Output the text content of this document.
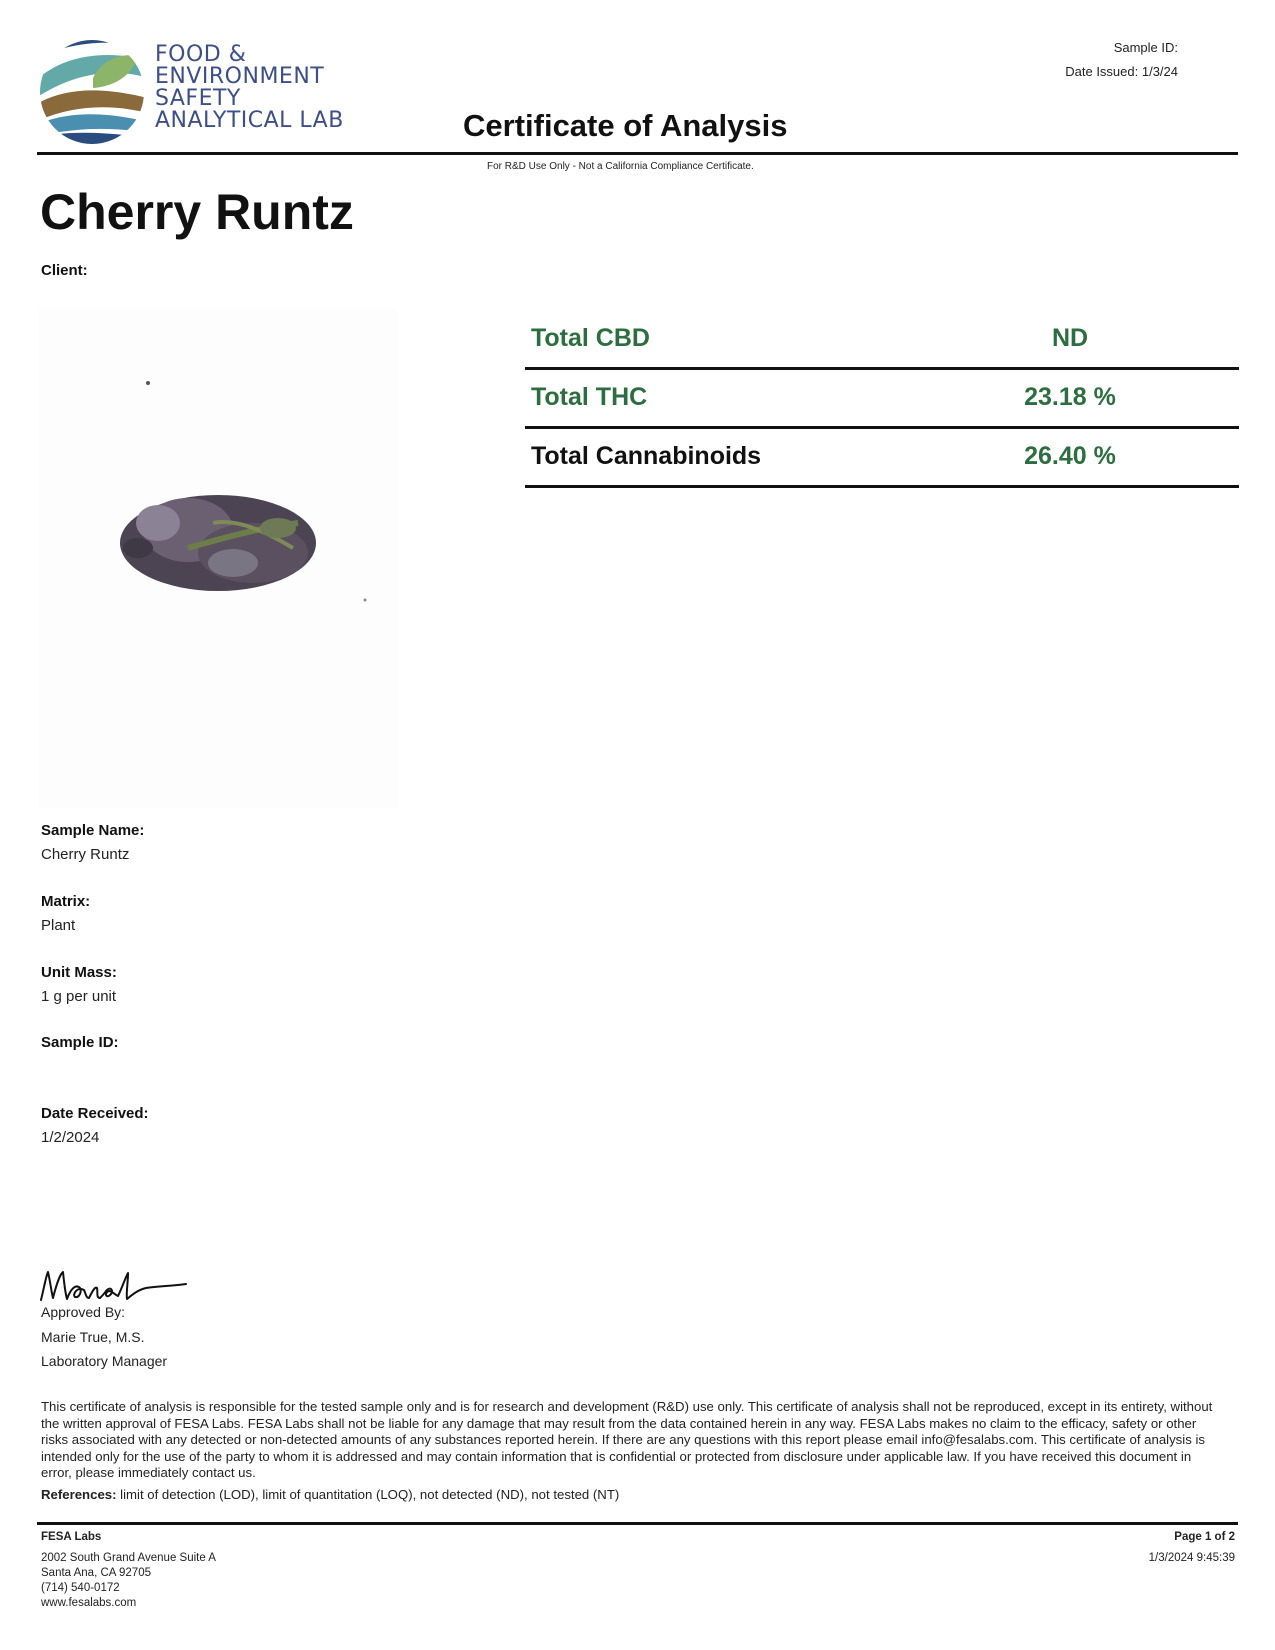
FOOD &
ENVIRONMENT
SAFETY
ANALYTICAL LAB
Sample ID:
Date Issued: 1/3/24
Certificate of Analysis
For R&D Use Only - Not a California Compliance Certificate.
Cherry Runtz
Client:
Total CBD	ND
Total THC	23.18 %
Total Cannabinoids	26.40 %
Sample Name:
Cherry Runtz
Matrix:
Plant
Unit Mass:
1 g per unit
Sample ID:
Date Received:
1/2/2024
Approved By:
Marie True, M.S.
Laboratory Manager
This certificate of analysis is responsible for the tested sample only and is for research and development (R&D) use only. This certificate of analysis shall not be reproduced, except in its entirety, without the written approval of FESA Labs. FESA Labs shall not be liable for any damage that may result from the data contained herein in any way. FESA Labs makes no claim to the efficacy, safety or other risks associated with any detected or non-detected amounts of any substances reported herein. If there are any questions with this report please email info@fesalabs.com. This certificate of analysis is intended only for the use of the party to whom it is addressed and may contain information that is confidential or protected from disclosure under applicable law. If you have received this document in error, please immediately contact us.
References: limit of detection (LOD), limit of quantitation (LOQ), not detected (ND), not tested (NT)
FESA Labs
2002 South Grand Avenue Suite A
Santa Ana, CA 92705
(714) 540-0172
www.fesalabs.com
Page 1 of 2
1/3/2024 9:45:39
